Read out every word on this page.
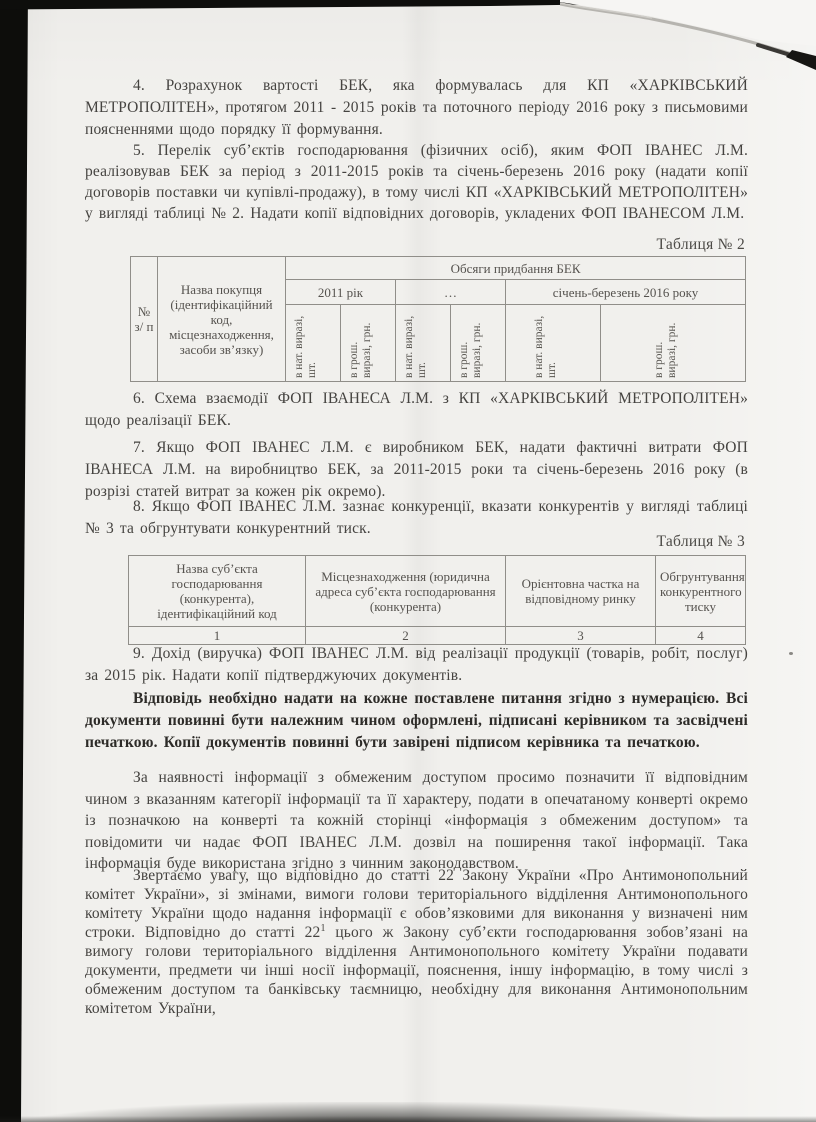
4. Розрахунок вартості БЕК, яка формувалась для КП «ХАРКІВСЬКИЙ МЕТРОПОЛІТЕН», протягом 2011 - 2015 років та поточного періоду 2016 року з письмовими поясненнями щодо порядку її формування.
5. Перелік суб’єктів господарювання (фізичних осіб), яким ФОП ІВАНЕС Л.М. реалізовував БЕК за період з 2011-2015 років та січень-березень 2016 року (надати копії договорів поставки чи купівлі-продажу), в тому числі КП «ХАРКІВСЬКИЙ МЕТРОПОЛІТЕН» у вигляді таблиці № 2. Надати копії відповідних договорів, укладених ФОП ІВАНЕСОМ Л.М.
Таблиця № 2
№ з/ п	Назва покупця (ідентифікаційний код, місцезнаходження, засоби зв’язку)	Обсяги придбання БЕК					
		2011 рік		…		січень-березень 2016 року	

		в нат. виразі, шт.	в грош. виразі, грн.	в нат. виразі, шт.	в грош. виразі, грн.	в нат. виразі, шт.	в грош. виразі, грн.
6. Схема взаємодії ФОП ІВАНЕСА Л.М. з КП «ХАРКІВСЬКИЙ МЕТРОПОЛІТЕН» щодо реалізації БЕК.
7. Якщо ФОП ІВАНЕС Л.М. є виробником БЕК, надати фактичні витрати ФОП ІВАНЕСА Л.М. на виробництво БЕК, за 2011-2015 роки та січень-березень 2016 року (в розрізі статей витрат за кожен рік окремо).
8. Якщо ФОП ІВАНЕС Л.М. зазнає конкуренції, вказати конкурентів у вигляді таблиці № 3 та обгрунтувати конкурентний тиск.
Таблиця № 3
Назва суб’єкта господарювання (конкурента), ідентифікаційний код	Місцезнаходження (юридична адреса суб’єкта господарювання (конкурента)	Орієнтовна частка на відповідному ринку	Обгрунтування конкурентного тиску
1	2	3	4
9. Дохід (виручка) ФОП ІВАНЕС Л.М. від реалізації продукції (товарів, робіт, послуг) за 2015 рік. Надати копії підтверджуючих документів.
Відповідь необхідно надати на кожне поставлене питання згідно з нумерацією. Всі документи повинні бути належним чином оформлені, підписані керівником та засвідчені печаткою. Копії документів повинні бути завірені підписом керівника та печаткою.
За наявності інформації з обмеженим доступом просимо позначити її відповідним чином з вказанням категорії інформації та її характеру, подати в опечатаному конверті окремо із позначкою на конверті та кожній сторінці «інформація з обмеженим доступом» та повідомити чи надає ФОП ІВАНЕС Л.М. дозвіл на поширення такої інформації. Така інформація буде використана згідно з чинним законодавством.
Звертаємо увагу, що відповідно до статті 22 Закону України «Про Антимонопольний комітет України», зі змінами, вимоги голови територіального відділення Антимонопольного комітету України щодо надання інформації є обов’язковими для виконання у визначені ним строки. Відповідно до статті $22^1$ цього ж Закону суб’єкти господарювання зобов’язані на вимогу голови територіального відділення Антимонопольного комітету України подавати документи, предмети чи інші носії інформації, пояснення, іншу інформацію, в тому числі з обмеженим доступом та банківську таємницю, необхідну для виконання Антимонопольним комітетом України,
